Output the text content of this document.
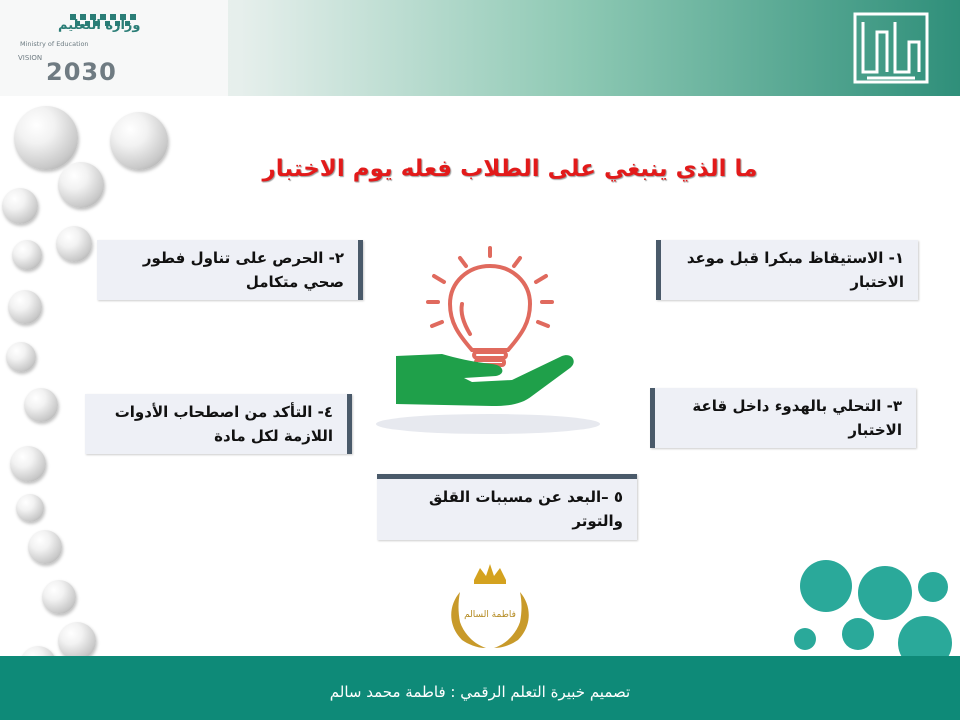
وزارة التعليم
Ministry of Education
VISION 2030
ما الذي ينبغي على الطلاب فعله يوم الاختبار
١- الاستيقاظ مبكرا قبل موعد الاختبار
٢- الحرص على تناول فطور صحي متكامل
٣- التحلي بالهدوء داخل قاعة الاختبار
٤- التأكد من اصطحاب الأدوات اللازمة لكل مادة
٥ –البعد عن مسببات القلق والتوتر
فاطمة السالم
تصميم خبيرة التعلم الرقمي : فاطمة محمد سالم
